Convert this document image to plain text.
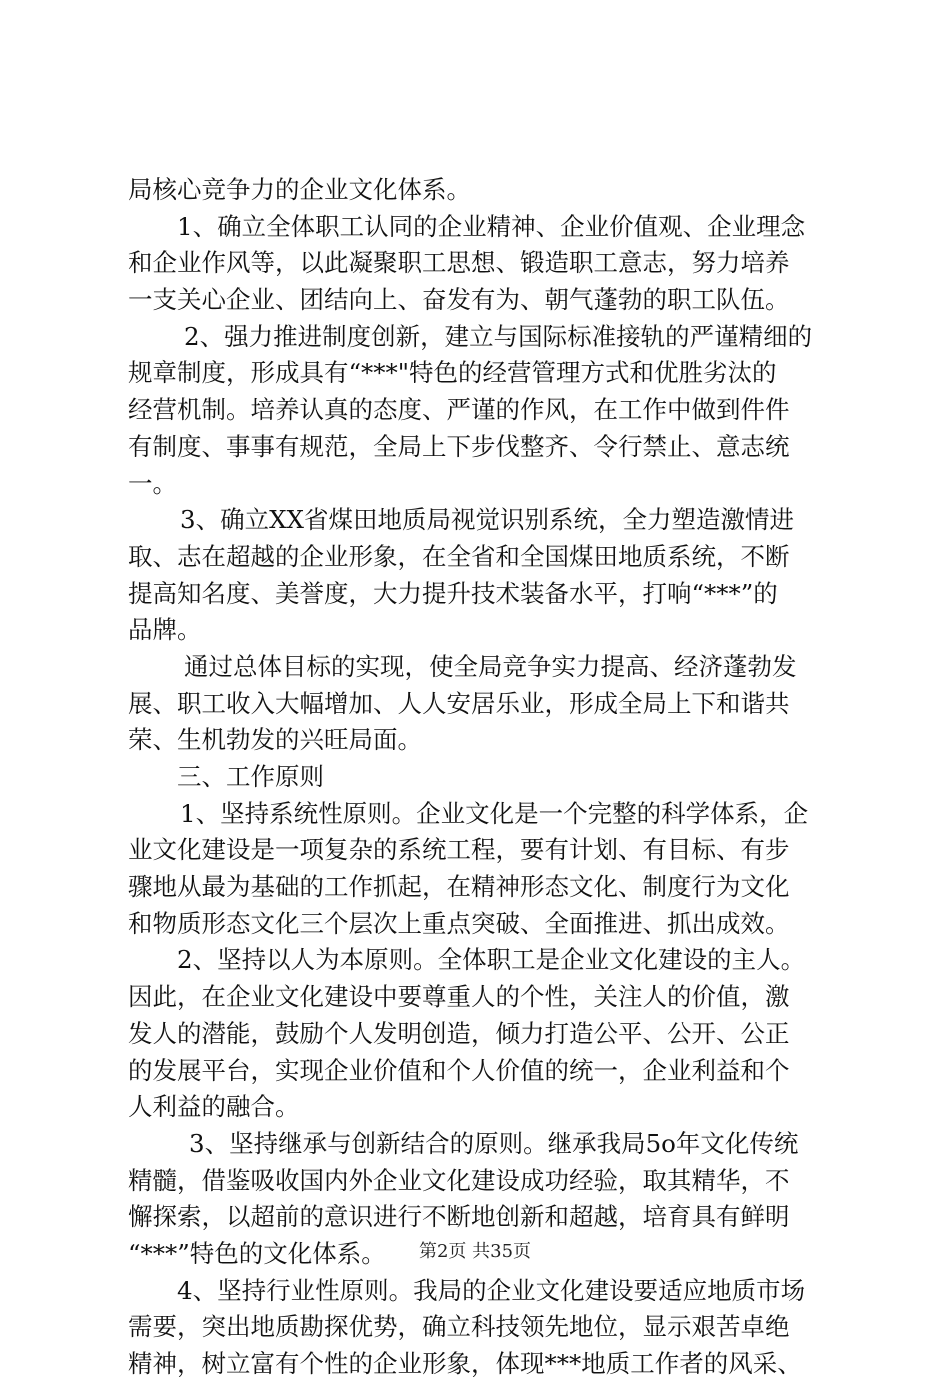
局核心竞争力的企业文化体系。
1、确立全体职工认同的企业精神、企业价值观、企业理念
和企业作风等，以此凝聚职工思想、锻造职工意志，努力培养
一支关心企业、团结向上、奋发有为、朝气蓬勃的职工队伍。
2、强力推进制度创新，建立与国际标准接轨的严谨精细的
规章制度，形成具有“***"特色的经营管理方式和优胜劣汰的
经营机制。培养认真的态度、严谨的作风，在工作中做到件件
有制度、事事有规范，全局上下步伐整齐、令行禁止、意志统
一。
3、确立XX省煤田地质局视觉识别系统，全力塑造激情进
取、志在超越的企业形象，在全省和全国煤田地质系统，不断
提高知名度、美誉度，大力提升技术装备水平，打响“***”的
品牌。
通过总体目标的实现，使全局竞争实力提高、经济蓬勃发
展、职工收入大幅增加、人人安居乐业，形成全局上下和谐共
荣、生机勃发的兴旺局面。
三、工作原则
1、坚持系统性原则。企业文化是一个完整的科学体系，企
业文化建设是一项复杂的系统工程，要有计划、有目标、有步
骤地从最为基础的工作抓起，在精神形态文化、制度行为文化
和物质形态文化三个层次上重点突破、全面推进、抓出成效。
2、坚持以人为本原则。全体职工是企业文化建设的主人。
因此，在企业文化建设中要尊重人的个性，关注人的价值，激
发人的潜能，鼓励个人发明创造，倾力打造公平、公开、公正
的发展平台，实现企业价值和个人价值的统一，企业利益和个
人利益的融合。
3、坚持继承与创新结合的原则。继承我局5o年文化传统
精髓，借鉴吸收国内外企业文化建设成功经验，取其精华，不
懈探索，以超前的意识进行不断地创新和超越，培育具有鲜明
“***”特色的文化体系。
4、坚持行业性原则。我局的企业文化建设要适应地质市场
需要，突出地质勘探优势，确立科技领先地位，显示艰苦卓绝
精神，树立富有个性的企业形象，体现***地质工作者的风采、
第2页 共35页
